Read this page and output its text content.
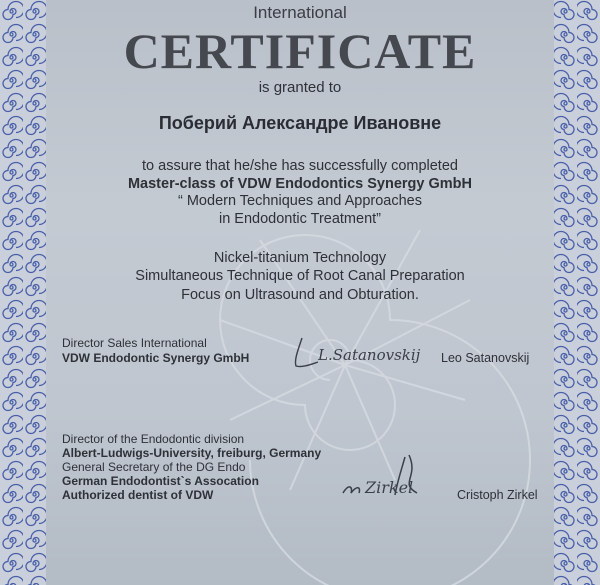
International
CERTIFICATE
is granted to
Поберий Александре Ивановне
to assure that he/she has successfully completed
Master-class of VDW Endodontics Synergy GmbH
“ Modern Techniques and Approaches
in Endodontic Treatment”
Nickel-titanium Technology
Simultaneous Technique of Root Canal Preparation
Focus on Ultrasound and Obturation.
Director Sales International
VDW Endodontic Synergy GmbH	L.Satanovskij Leo Satanovskij
Director of the Endodontic division
Albert-Ludwigs-University, freiburg, Germany
General Secretary of the DG Endo
German Endodontist`s Assocation
Authorized dentist of VDW	Zirkel	Cristoph Zirkel
